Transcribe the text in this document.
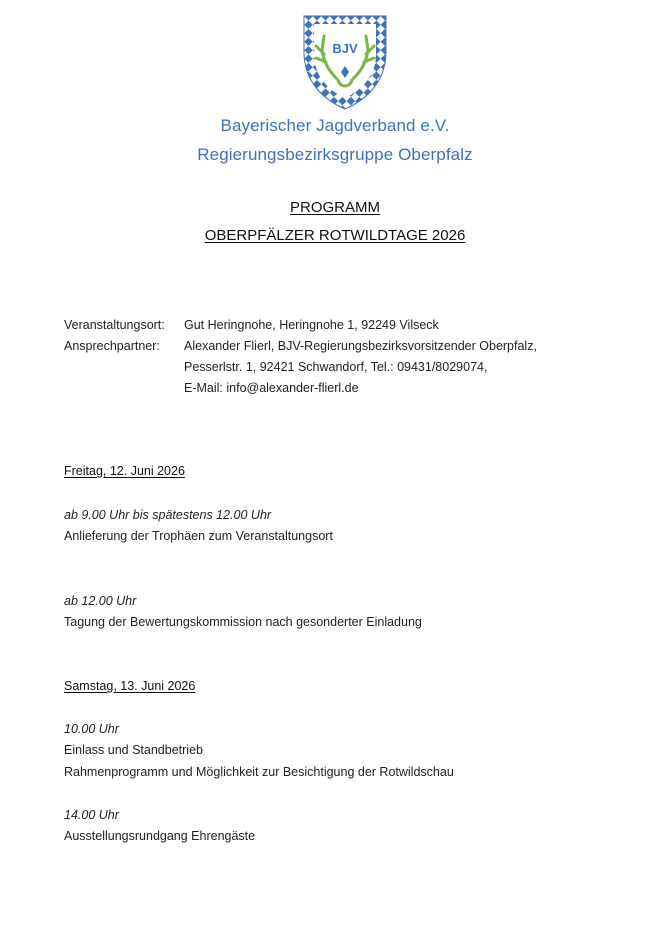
BJV
Bayerischer Jagdverband e.V.
Regierungsbezirksgruppe Oberpfalz
PROGRAMM
OBERPFÄLZER ROTWILDTAGE 2026
Veranstaltungsort: Gut Heringnohe, Heringnohe 1, 92249 Vilseck
Ansprechpartner: Alexander Flierl, BJV-Regierungsbezirksvorsitzender Oberpfalz,
Pesserlstr. 1, 92421 Schwandorf, Tel.: 09431/8029074,
E-Mail: info@alexander-flierl.de
Freitag, 12. Juni 2026
ab 9.00 Uhr bis spätestens 12.00 Uhr
Anlieferung der Trophäen zum Veranstaltungsort
ab 12.00 Uhr
Tagung der Bewertungskommission nach gesonderter Einladung
Samstag, 13. Juni 2026
10.00 Uhr
Einlass und Standbetrieb
Rahmenprogramm und Möglichkeit zur Besichtigung der Rotwildschau
14.00 Uhr
Ausstellungsrundgang Ehrengäste
